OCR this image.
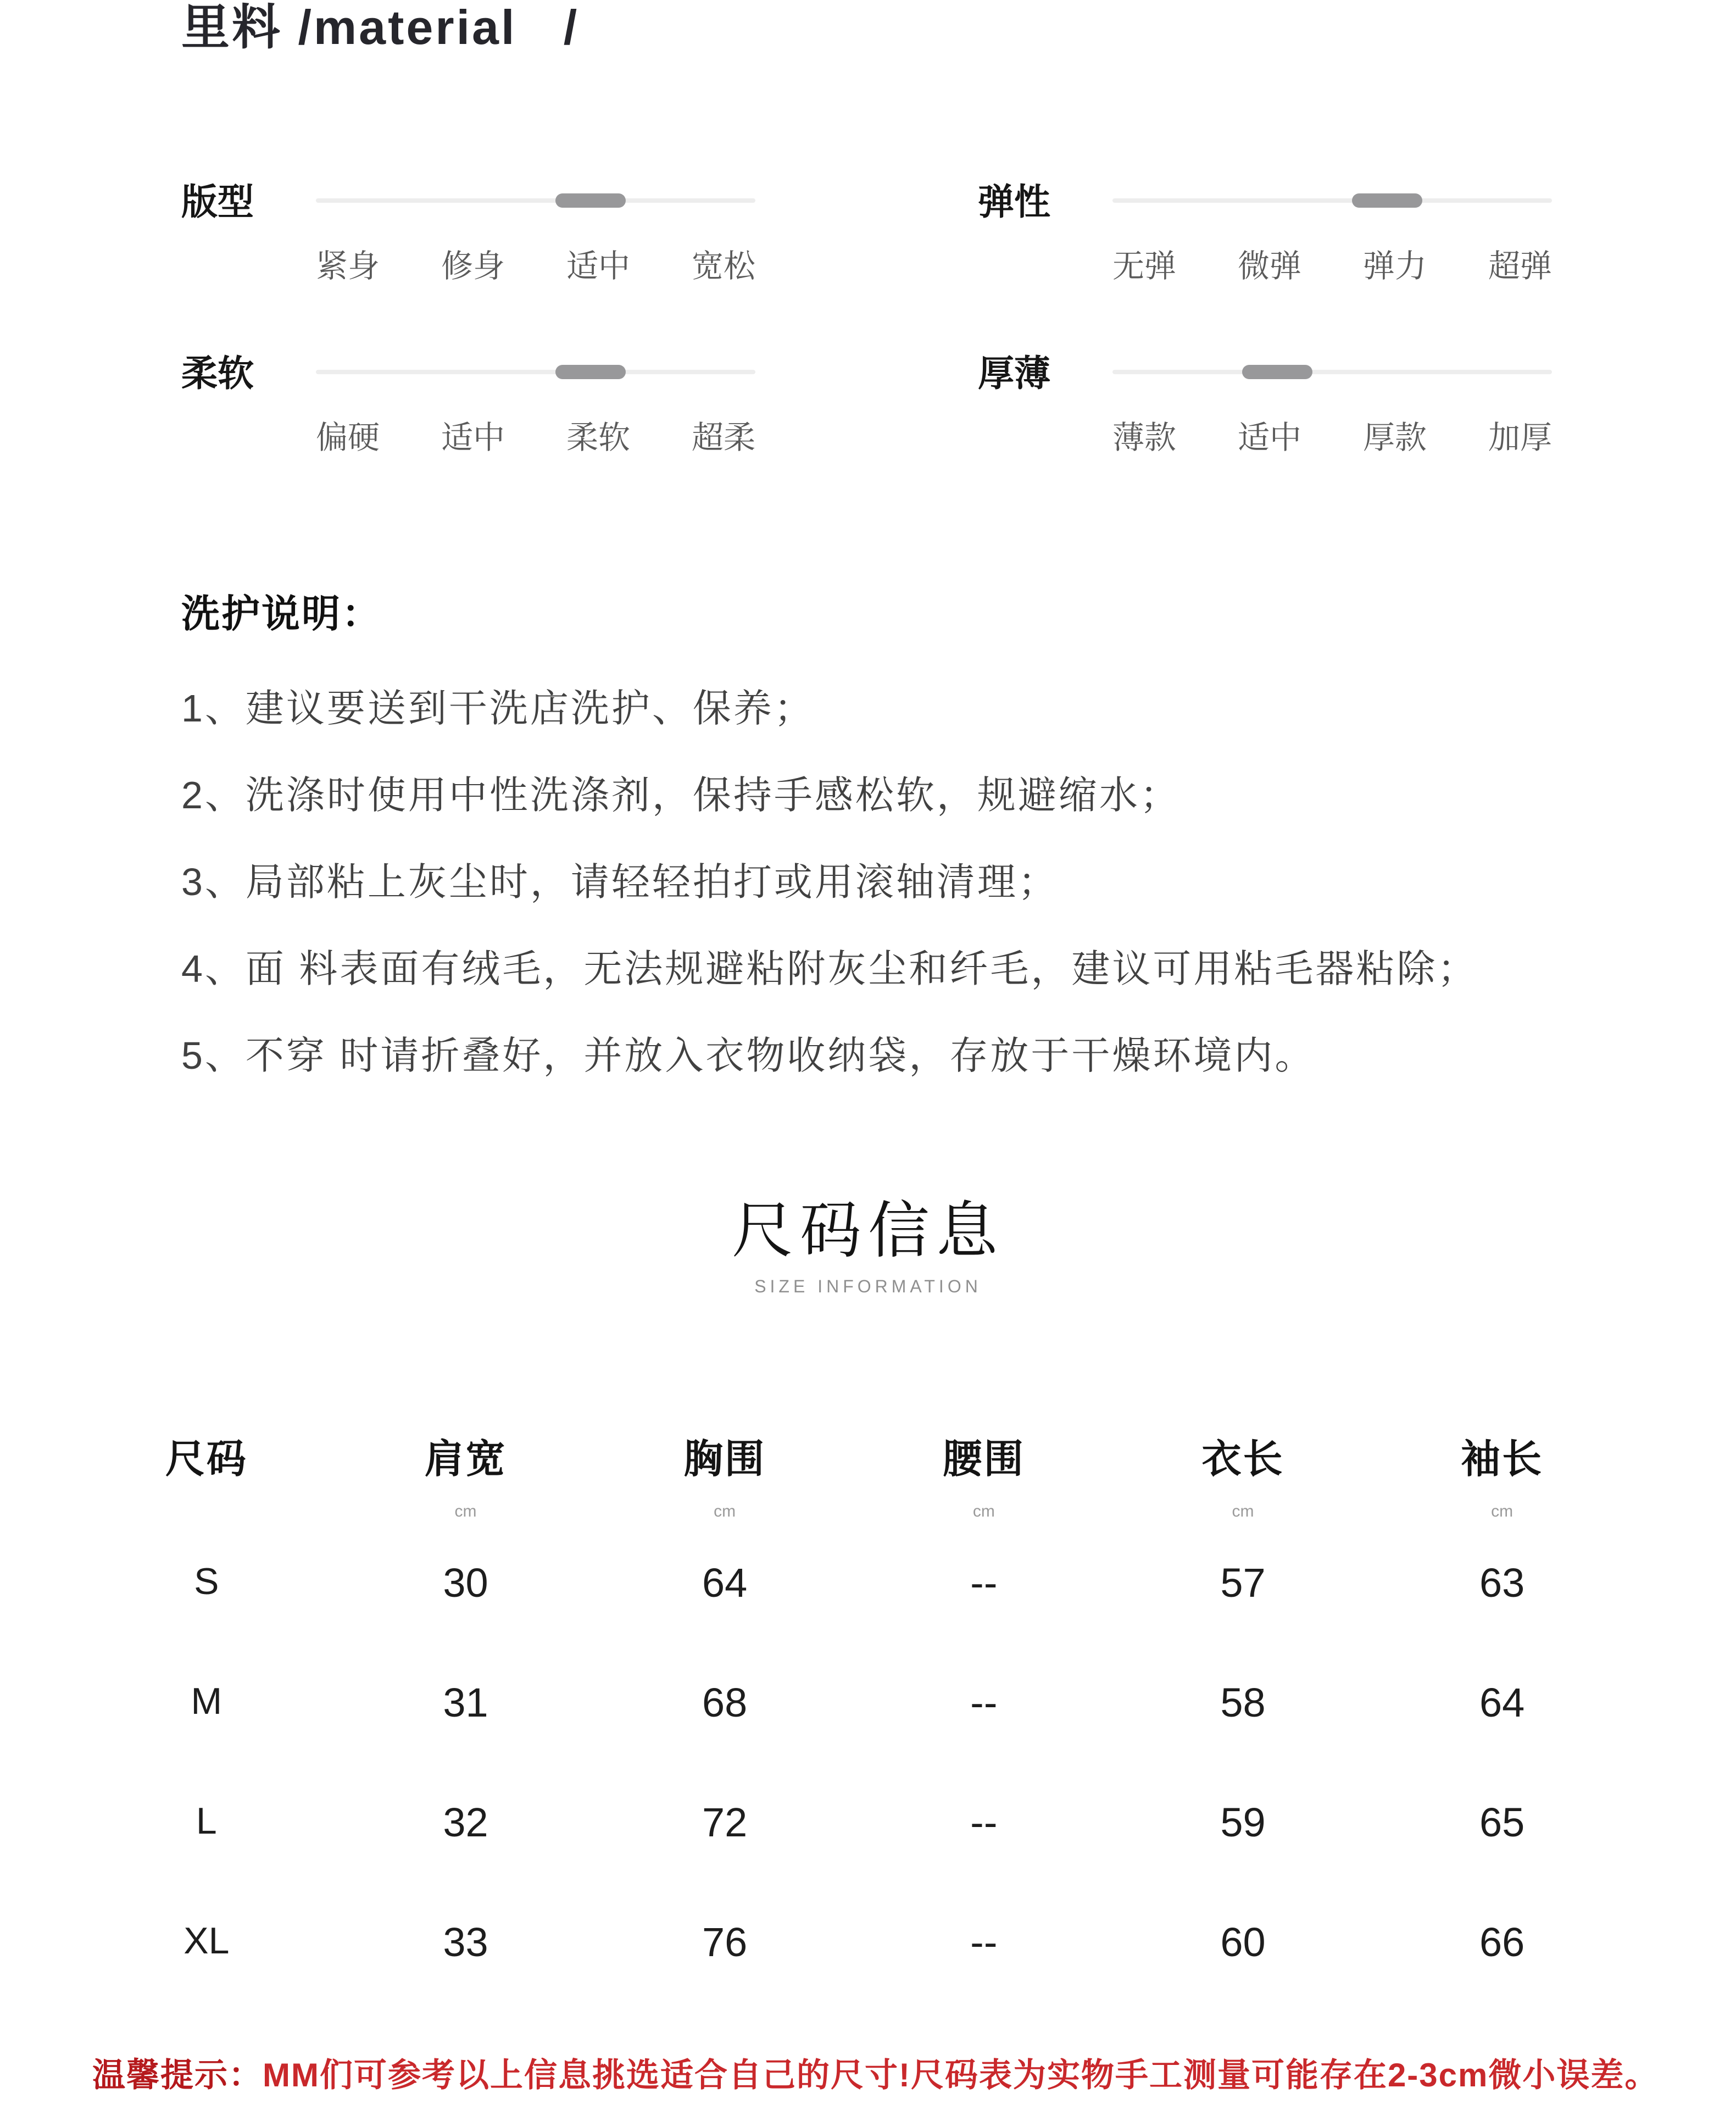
里料 /material   /
版型
紧身 修身 适中 宽松
弹性
无弹 微弹 弹力 超弹
柔软
偏硬 适中 柔软 超柔
厚薄
薄款 适中 厚款 加厚

洗护说明：

1、建议要送到干洗店洗护、保养；
2、洗涤时使用中性洗涤剂，保持手感松软，规避缩水；
3、局部粘上灰尘时，请轻轻拍打或用滚轴清理；
4、面 料表面有绒毛，无法规避粘附灰尘和纤毛，建议可用粘毛器粘除；
5、不穿 时请折叠好，并放入衣物收纳袋，存放于干燥环境内。
尺码信息
SIZE INFORMATION
尺码	肩宽	胸围	腰围	衣长	袖长
cm	cm	cm	cm	cm
S	30	64	--	57	63
M	31	68	--	58	64
L	32	72	--	59	65
XL	33	76	--	60	66
温馨提示：MM们可参考以上信息挑选适合自己的尺寸!尺码表为实物手工测量可能存在2-3cm微小误差。
